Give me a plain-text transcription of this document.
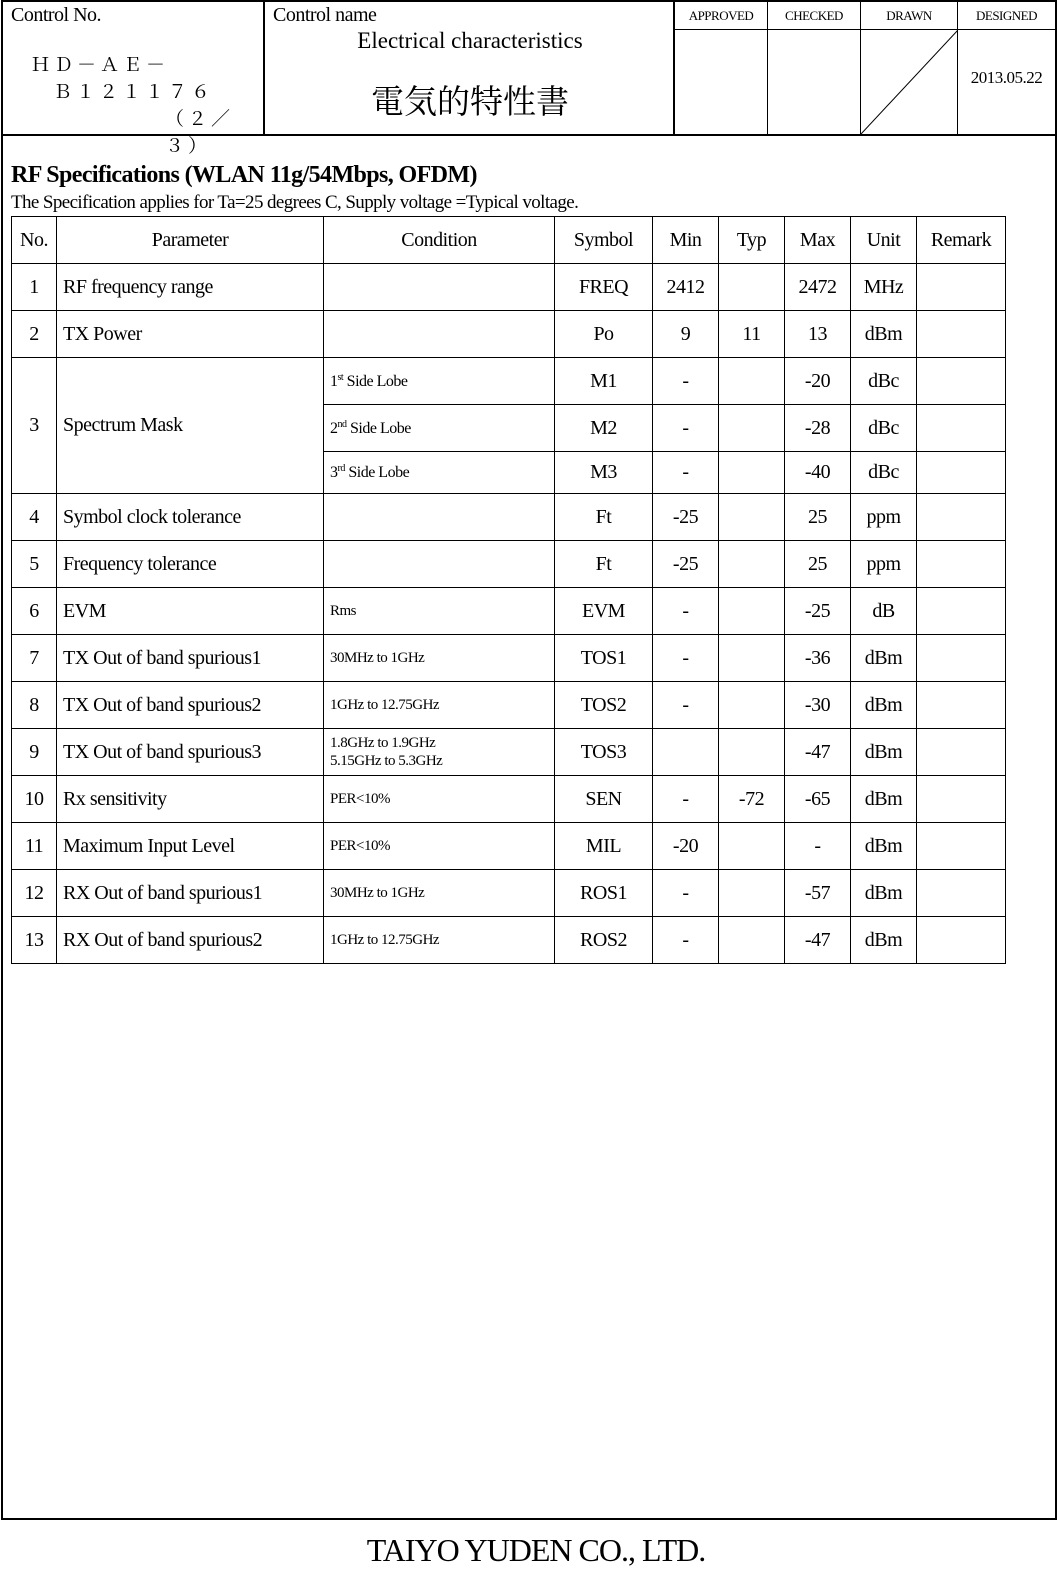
Control No.
ＨＤ－ＡＥ－
Ｂ１２１１７６
（２／３）
Control name
Electrical characteristics
電気的特性書
APPROVED	CHECKED	DRAWN	DESIGNED
2013.05.22
RF Specifications (WLAN 11g/54Mbps, OFDM)
The Specification applies for Ta=25 degrees C, Supply voltage =Typical voltage.
No.	Parameter	Condition	Symbol	Min	Typ	Max	Unit	Remark
1	RF frequency range		FREQ	2412		2472	MHz	
2	TX Power		Po	9	11	13	dBm	
3	Spectrum Mask	1st Side Lobe	M1	-		-20	dBc	
		2nd Side Lobe	M2	-		-28	dBc	
		3rd Side Lobe	M3	-		-40	dBc	
4	Symbol clock tolerance		Ft	-25		25	ppm	
5	Frequency tolerance		Ft	-25		25	ppm	
6	EVM	Rms	EVM	-		-25	dB	
7	TX Out of band spurious1	30MHz to 1GHz	TOS1	-		-36	dBm	
8	TX Out of band spurious2	1GHz to 12.75GHz	TOS2	-		-30	dBm	
9	TX Out of band spurious3	1.8GHz to 1.9GHz
5.15GHz to 5.3GHz	TOS3			-47	dBm	
10	Rx sensitivity	PER<10%	SEN	-	-72	-65	dBm	
11	Maximum Input Level	PER<10%	MIL	-20		-	dBm	
12	RX Out of band spurious1	30MHz to 1GHz	ROS1	-		-57	dBm	
13	RX Out of band spurious2	1GHz to 12.75GHz	ROS2	-		-47	dBm	
TAIYO YUDEN CO., LTD.
